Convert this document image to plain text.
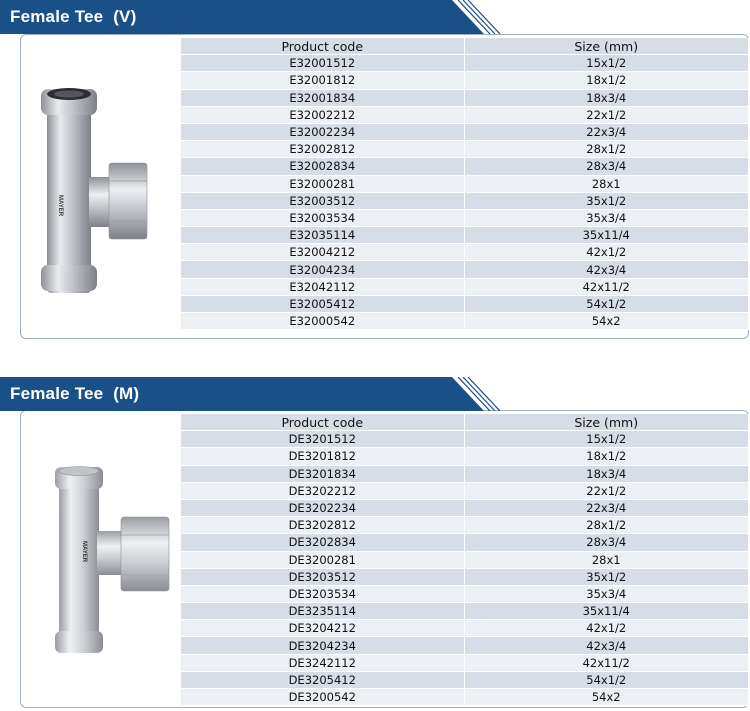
MAYER
Product code	Size (mm)
E32001512	15x1/2
E32001812	18x1/2
E32001834	18x3/4
E32002212	22x1/2
E32002234	22x3/4
E32002812	28x1/2
E32002834	28x3/4
E32000281	28x1
E32003512	35x1/2
E32003534	35x3/4
E32035114	35x11/4
E32004212	42x1/2
E32004234	42x3/4
E32042112	42x11/2
E32005412	54x1/2
E32000542	54x2
Female Tee  (V)
MAYER
Product code	Size (mm)
DE3201512	15x1/2
DE3201812	18x1/2
DE3201834	18x3/4
DE3202212	22x1/2
DE3202234	22x3/4
DE3202812	28x1/2
DE3202834	28x3/4
DE3200281	28x1
DE3203512	35x1/2
DE3203534	35x3/4
DE3235114	35x11/4
DE3204212	42x1/2
DE3204234	42x3/4
DE3242112	42x11/2
DE3205412	54x1/2
DE3200542	54x2
Female Tee  (M)
